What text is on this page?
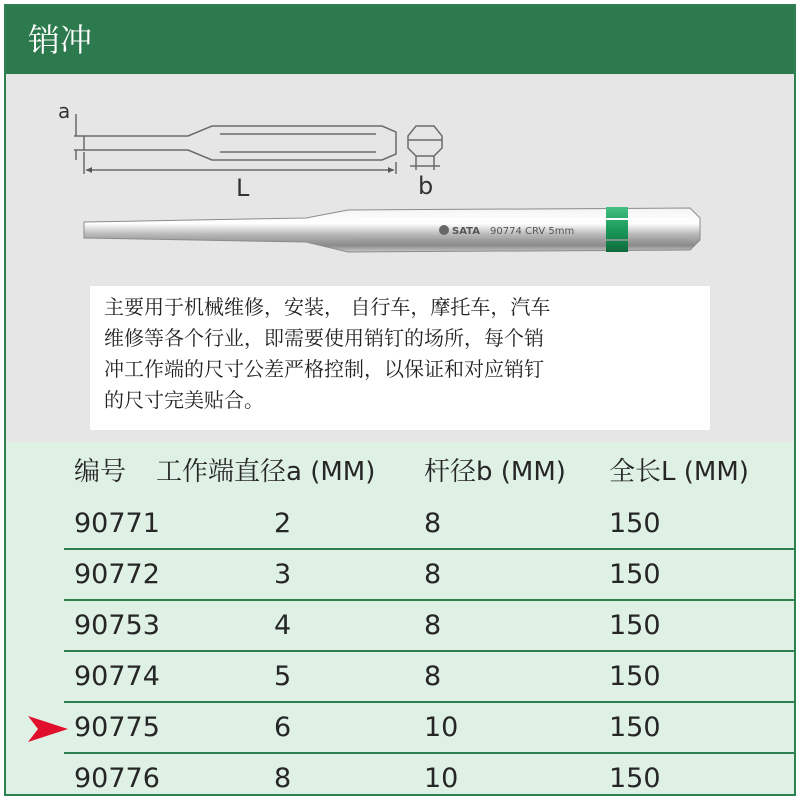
销冲
a
L	b
SATA 90774 CRV 5mm
主要用于机械维修，安装， 自行车，摩托车，汽车
维修等各个行业，即需要使用销钉的场所，每个销
冲工作端的尺寸公差严格控制，以保证和对应销钉
的尺寸完美贴合。
编号 工作端直径a (MM) 杆径b (MM) 全长L (MM)
90771	2	8	150
90772	3	8	150
90753	4	8	150
90774	5	8	150
90775	6	10	150
90776	8	10	150
